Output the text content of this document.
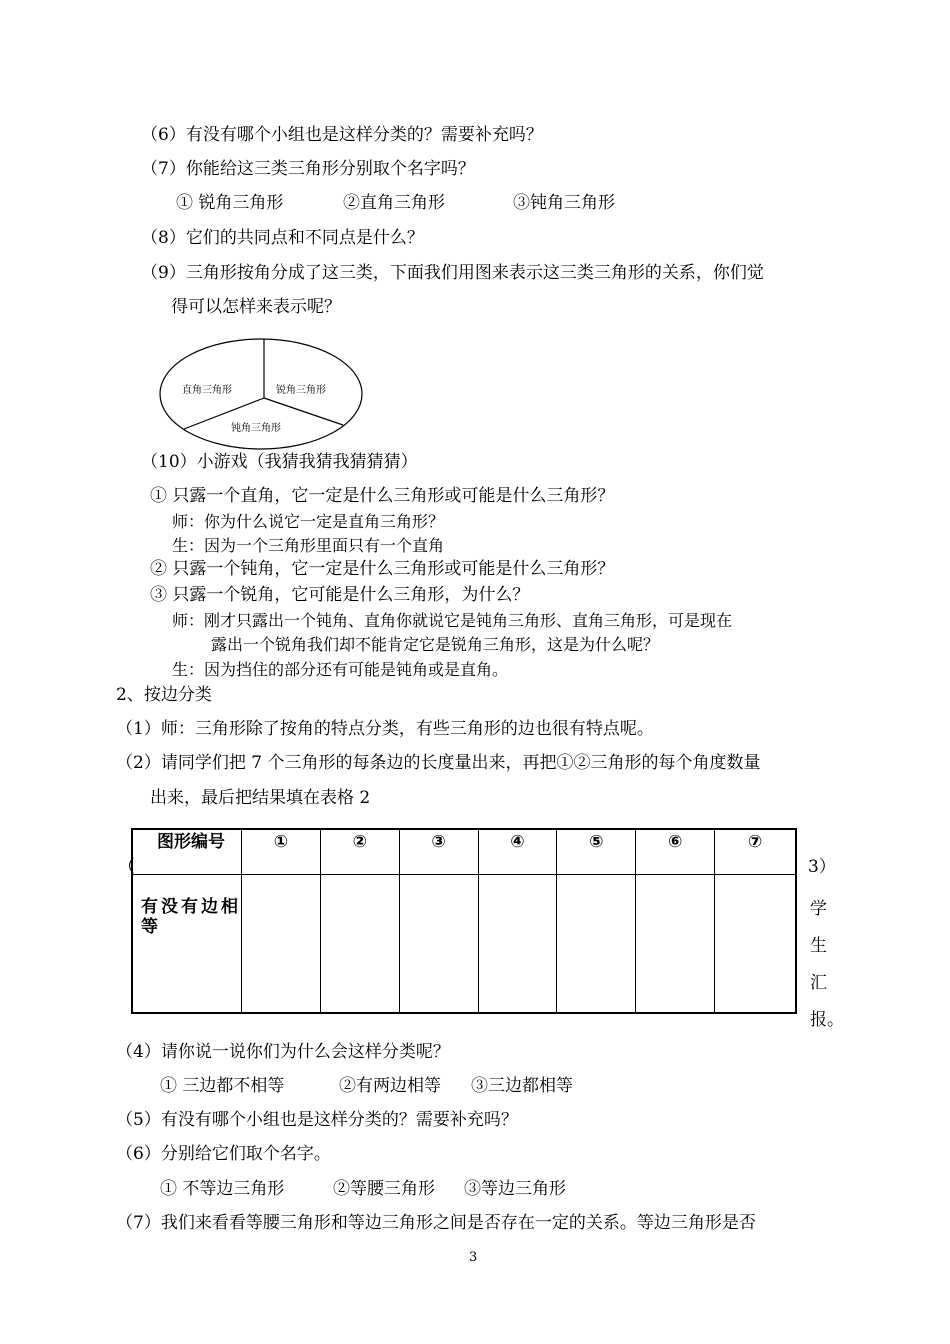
（6）有没有哪个小组也是这样分类的？需要补充吗？
（7）你能给这三类三角形分别取个名字吗？
① 锐角三角形	②直角三角形	③钝角三角形
（8）它们的共同点和不同点是什么？
（9）三角形按角分成了这三类，下面我们用图来表示这三类三角形的关系，你们觉
得可以怎样来表示呢？
直角三角形	锐角三角形
钝角三角形
（10）小游戏（我猜我猜我猜猜猜）
① 只露一个直角，它一定是什么三角形或可能是什么三角形？
师：你为什么说它一定是直角三角形？
生：因为一个三角形里面只有一个直角
② 只露一个钝角，它一定是什么三角形或可能是什么三角形？
③ 只露一个锐角，它可能是什么三角形，为什么？
师：刚才只露出一个钝角、直角你就说它是钝角三角形、直角三角形，可是现在
露出一个锐角我们却不能肯定它是锐角三角形，这是为什么呢？
生：因为挡住的部分还有可能是钝角或是直角。
2、按边分类
（1）师：三角形除了按角的特点分类，有些三角形的边也很有特点呢。
（2）请同学们把 7 个三角形的每条边的长度量出来，再把①②三角形的每个角度数量
出来，最后把结果填在表格 2
（
图形编号	①	②	③	④	⑤	⑥	⑦
有没有边相等							
3）
学
生
汇
报。
（4）请你说一说你们为什么会这样分类呢？
① 三边都不相等	②有两边相等 ③三边都相等
（5）有没有哪个小组也是这样分类的？需要补充吗？
（6）分别给它们取个名字。
① 不等边三角形	②等腰三角形 ③等边三角形
（7）我们来看看等腰三角形和等边三角形之间是否存在一定的关系。等边三角形是否
3
